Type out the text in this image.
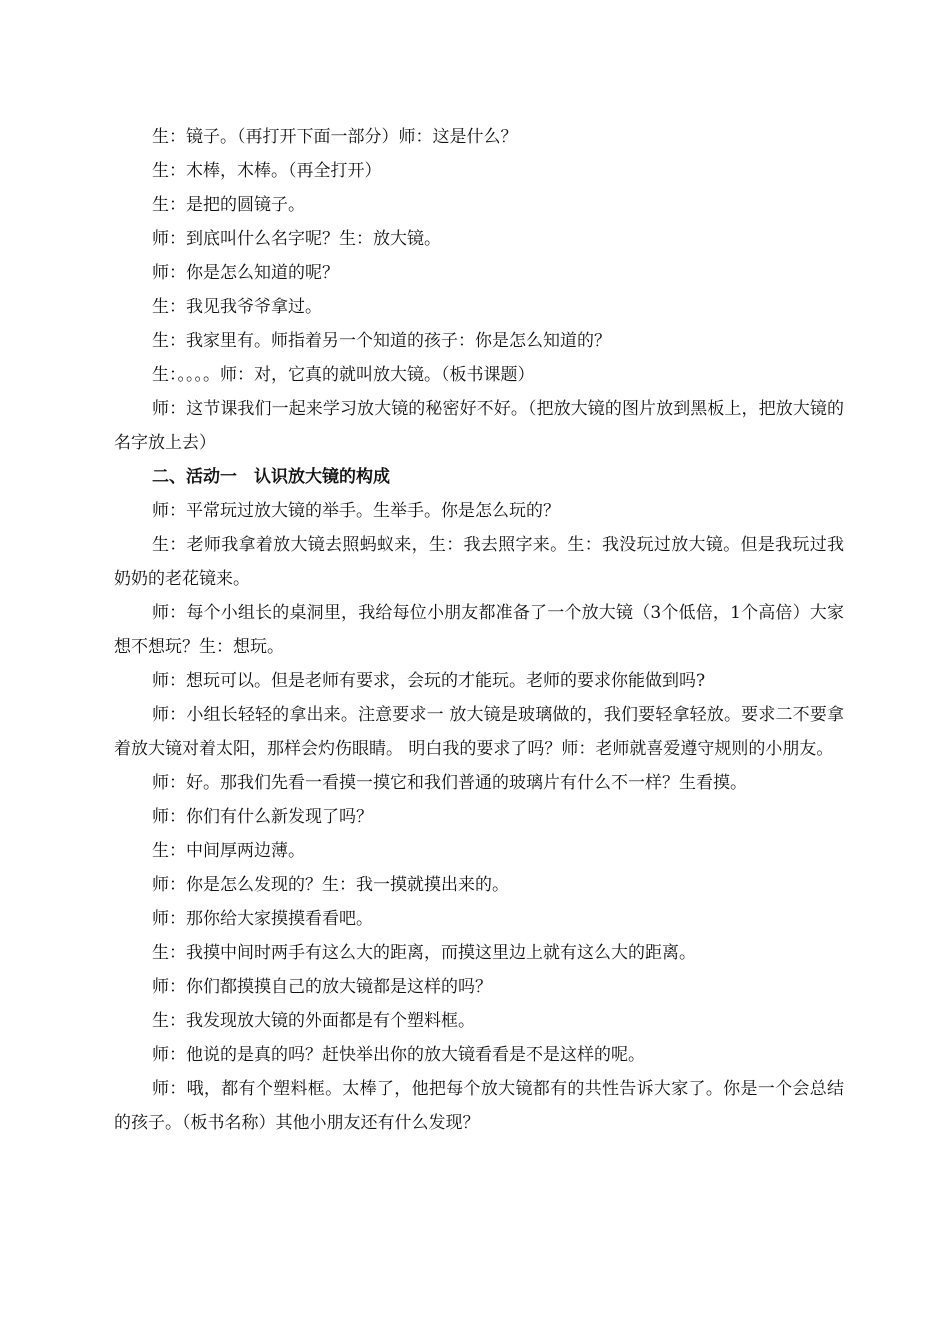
生：镜子。（再打开下面一部分）师：这是什么？

生：木棒，木棒。（再全打开）

生：是把的圆镜子。

师：到底叫什么名字呢？生：放大镜。

师：你是怎么知道的呢？

生：我见我爷爷拿过。

生：我家里有。师指着另一个知道的孩子：你是怎么知道的？

生：。。。。师：对，它真的就叫放大镜。（板书课题）

师：这节课我们一起来学习放大镜的秘密好不好。（把放大镜的图片放到黑板上，把放大镜的名字放上去）

二、活动一　认识放大镜的构成

师：平常玩过放大镜的举手。生举手。你是怎么玩的？

生：老师我拿着放大镜去照蚂蚁来，生：我去照字来。生：我没玩过放大镜。但是我玩过我奶奶的老花镜来。

师：每个小组长的桌洞里，我给每位小朋友都准备了一个放大镜（3个低倍，1个高倍）大家想不想玩？生：想玩。

师：想玩可以。但是老师有要求，会玩的才能玩。老师的要求你能做到吗?

师：小组长轻轻的拿出来。注意要求一 放大镜是玻璃做的，我们要轻拿轻放。要求二不要拿着放大镜对着太阳，那样会灼伤眼睛。 明白我的要求了吗？师：老师就喜爱遵守规则的小朋友。

师：好。那我们先看一看摸一摸它和我们普通的玻璃片有什么不一样？生看摸。

师：你们有什么新发现了吗？

生：中间厚两边薄。

师：你是怎么发现的？生：我一摸就摸出来的。

师：那你给大家摸摸看看吧。

生：我摸中间时两手有这么大的距离，而摸这里边上就有这么大的距离。

师：你们都摸摸自己的放大镜都是这样的吗？

生：我发现放大镜的外面都是有个塑料框。

师：他说的是真的吗？赶快举出你的放大镜看看是不是这样的呢。

师：哦，都有个塑料框。太棒了，他把每个放大镜都有的共性告诉大家了。你是一个会总结的孩子。（板书名称）其他小朋友还有什么发现？
